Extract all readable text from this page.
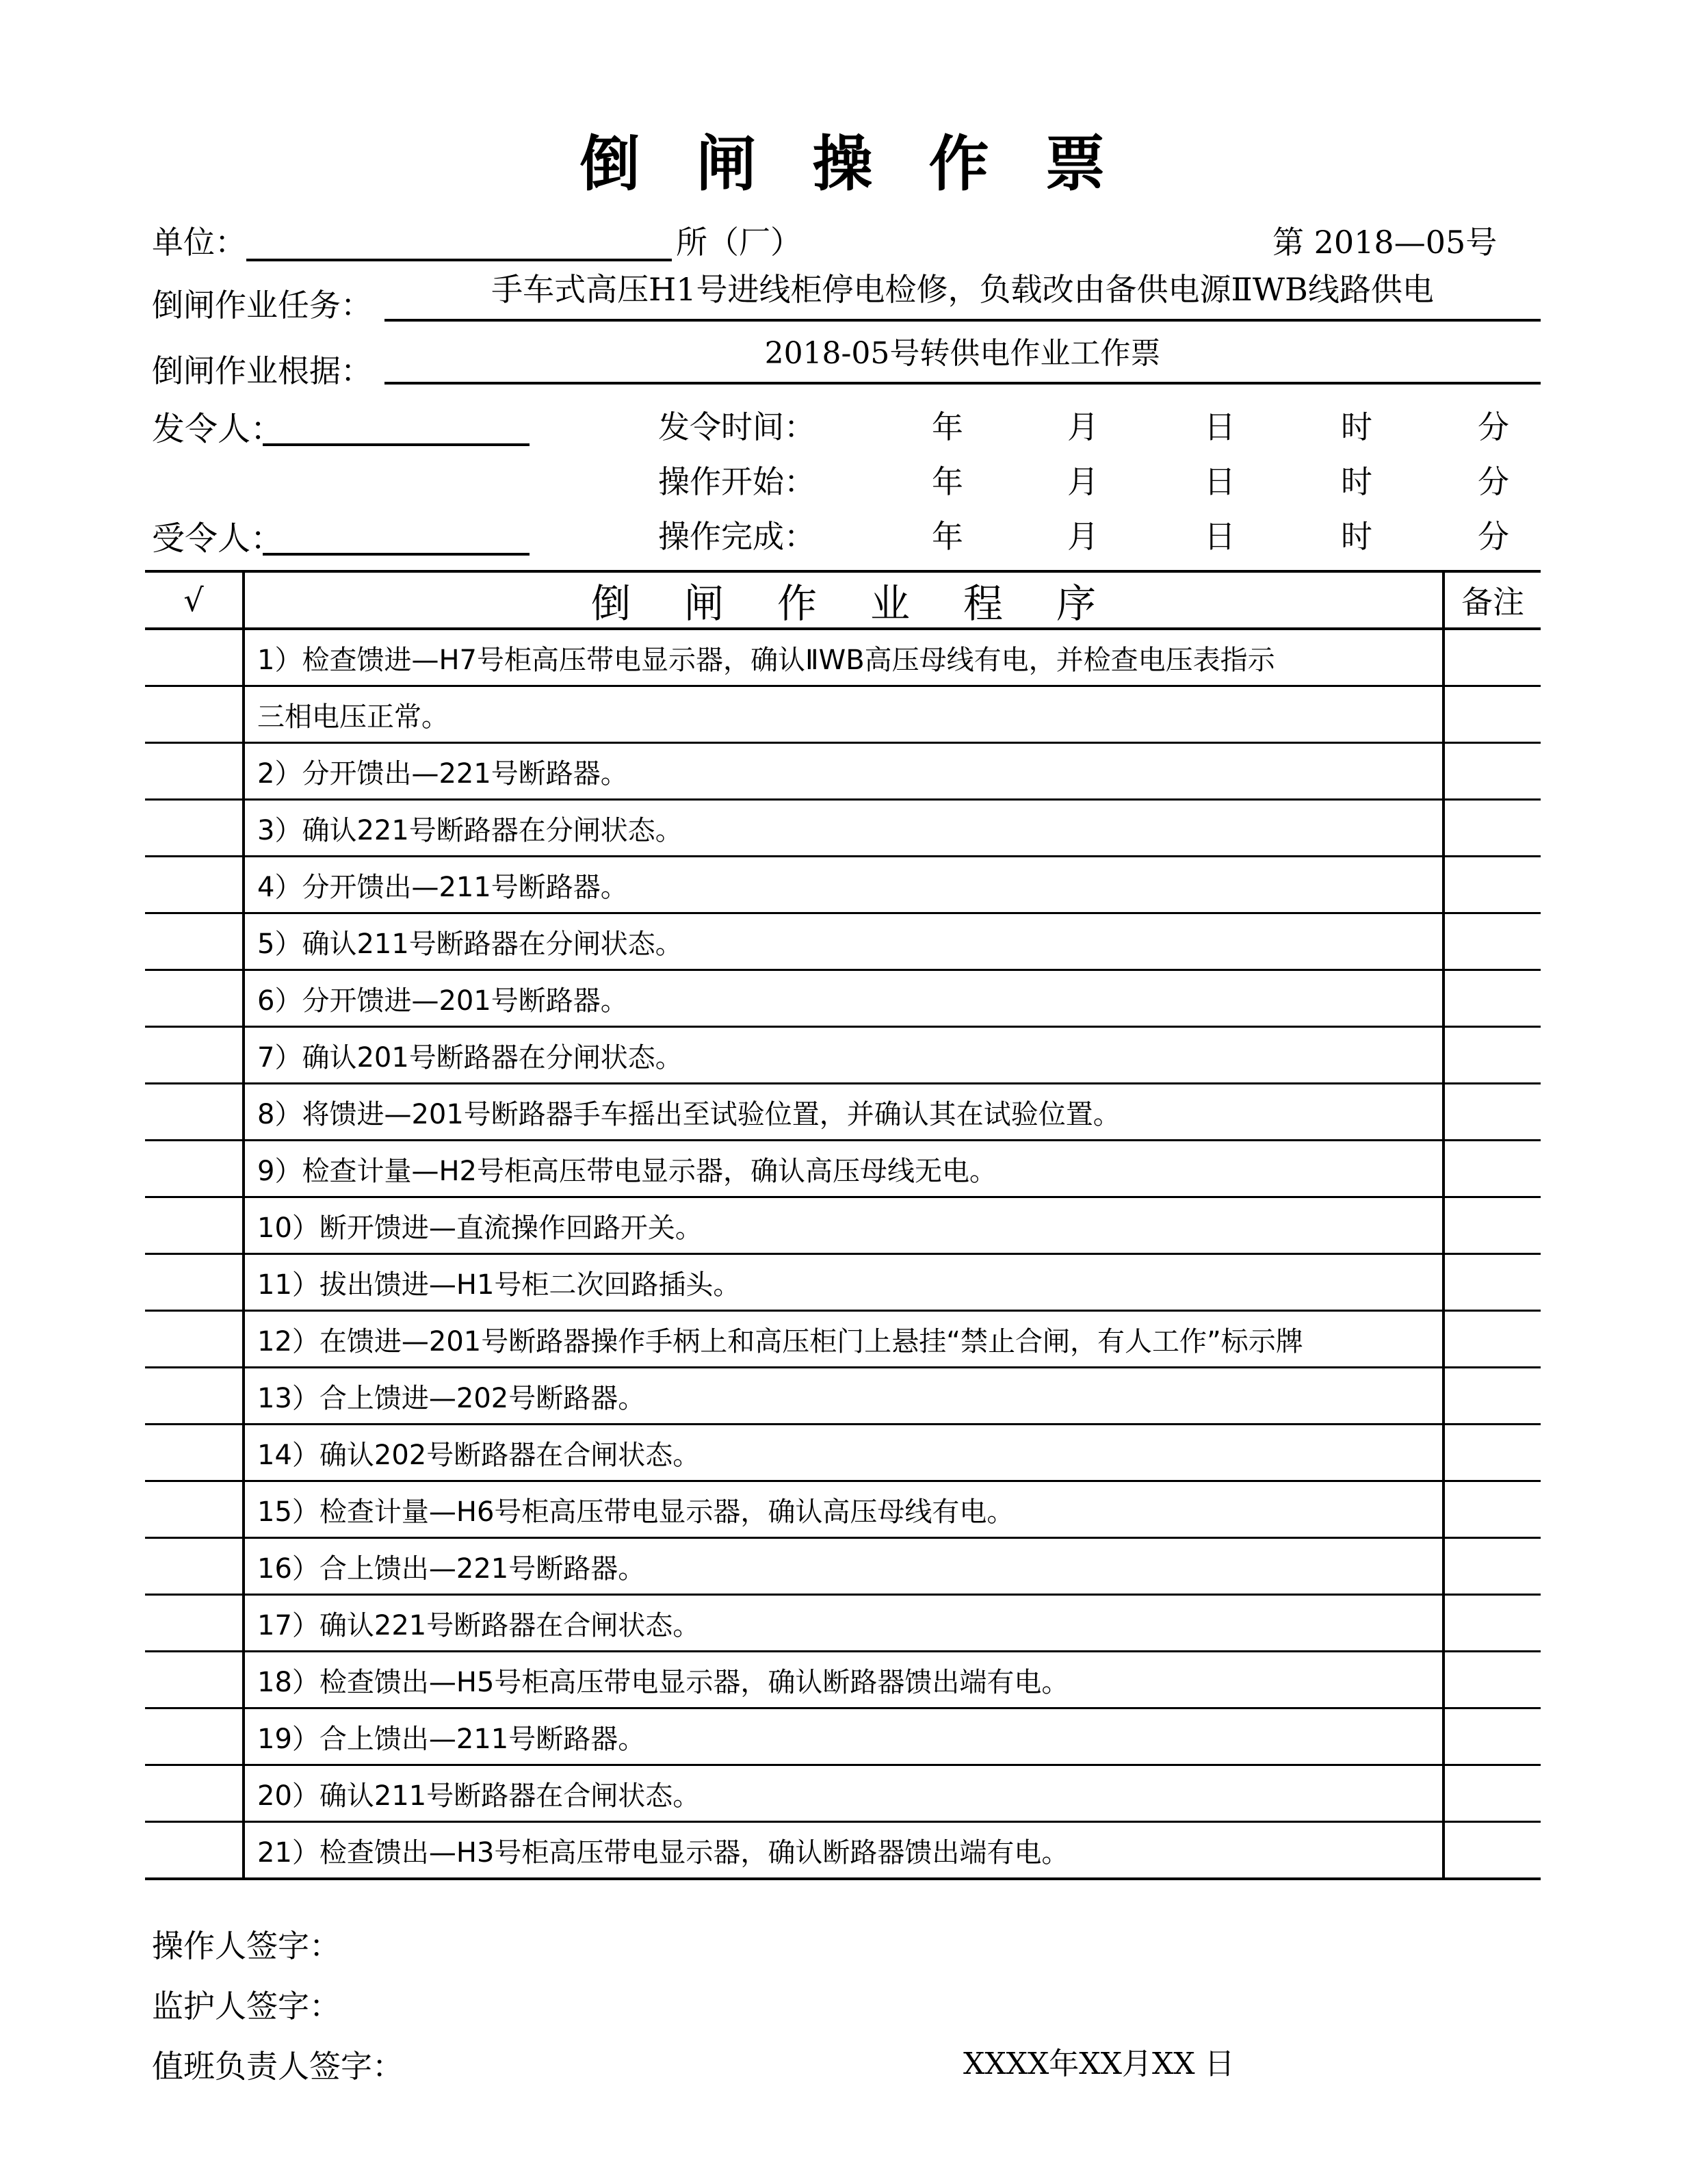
倒闸操作票
单位：	所（厂）	第 2018—05号
倒闸作业任务：	手车式高压H1号进线柜停电检修，负载改由备供电源ⅡWB线路供电
倒闸作业根据：	2018-05号转供电作业工作票
发令人：
受令人：
发令时间：	年	月	日	时	分
操作开始：	年	月	日	时	分
操作完成：	年	月	日	时	分
√	倒闸作业程序	备注
1）检查馈进—H7号柜高压带电显示器，确认ⅡWB高压母线有电，并检查电压表指示
三相电压正常。
2）分开馈出—221号断路器。
3）确认221号断路器在分闸状态。
4）分开馈出—211号断路器。
5）确认211号断路器在分闸状态。
6）分开馈进—201号断路器。
7）确认201号断路器在分闸状态。
8）将馈进—201号断路器手车摇出至试验位置，并确认其在试验位置。
9）检查计量—H2号柜高压带电显示器，确认高压母线无电。
10）断开馈进—直流操作回路开关。
11）拔出馈进—H1号柜二次回路插头。
12）在馈进—201号断路器操作手柄上和高压柜门上悬挂“禁止合闸，有人工作”标示牌
13）合上馈进—202号断路器。
14）确认202号断路器在合闸状态。
15）检查计量—H6号柜高压带电显示器，确认高压母线有电。
16）合上馈出—221号断路器。
17）确认221号断路器在合闸状态。
18）检查馈出—H5号柜高压带电显示器，确认断路器馈出端有电。
19）合上馈出—211号断路器。
20）确认211号断路器在合闸状态。
21）检查馈出—H3号柜高压带电显示器，确认断路器馈出端有电。
操作人签字：
监护人签字：
值班负责人签字：	XXXX年XX月XX 日
